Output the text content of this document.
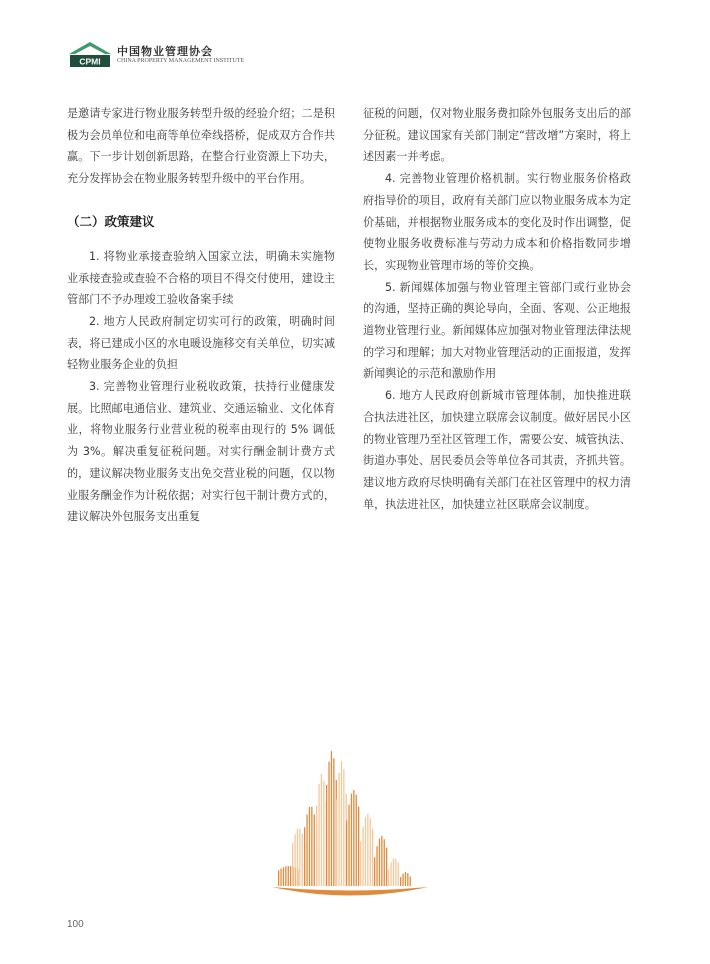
CPMI
中国物业管理协会
CHINA PROPERTY MANAGEMENT INSTITUTE

是邀请专家进行物业服务转型升级的经验介绍；二是积极为会员单位和电商等单位牵线搭桥，促成双方合作共赢。下一步计划创新思路，在整合行业资源上下功夫，充分发挥协会在物业服务转型升级中的平台作用。

（二）政策建议

1. 将物业承接查验纳入国家立法，明确未实施物业承接查验或查验不合格的项目不得交付使用，建设主管部门不予办理竣工验收备案手续

2. 地方人民政府制定切实可行的政策，明确时间表，将已建成小区的水电暖设施移交有关单位，切实减轻物业服务企业的负担

3. 完善物业管理行业税收政策，扶持行业健康发展。比照邮电通信业、建筑业、交通运输业、文化体育业，将物业服务行业营业税的税率由现行的 5% 调低为 3%。解决重复征税问题。对实行酬金制计费方式的，建议解决物业服务支出免交营业税的问题，仅以物业服务酬金作为计税依据；对实行包干制计费方式的，建议解决外包服务支出重复

征税的问题，仅对物业服务费扣除外包服务支出后的部分征税。建议国家有关部门制定“营改增”方案时，将上述因素一并考虑。

4. 完善物业管理价格机制。实行物业服务价格政府指导价的项目，政府有关部门应以物业服务成本为定价基础，并根据物业服务成本的变化及时作出调整，促使物业服务收费标准与劳动力成本和价格指数同步增长，实现物业管理市场的等价交换。

5. 新闻媒体加强与物业管理主管部门或行业协会的沟通，坚持正确的舆论导向，全面、客观、公正地报道物业管理行业。新闻媒体应加强对物业管理法律法规的学习和理解；加大对物业管理活动的正面报道，发挥新闻舆论的示范和激励作用

6. 地方人民政府创新城市管理体制，加快推进联合执法进社区，加快建立联席会议制度。做好居民小区的物业管理乃至社区管理工作，需要公安、城管执法、街道办事处、居民委员会等单位各司其责，齐抓共管。建议地方政府尽快明确有关部门在社区管理中的权力清单，执法进社区，加快建立社区联席会议制度。

100
